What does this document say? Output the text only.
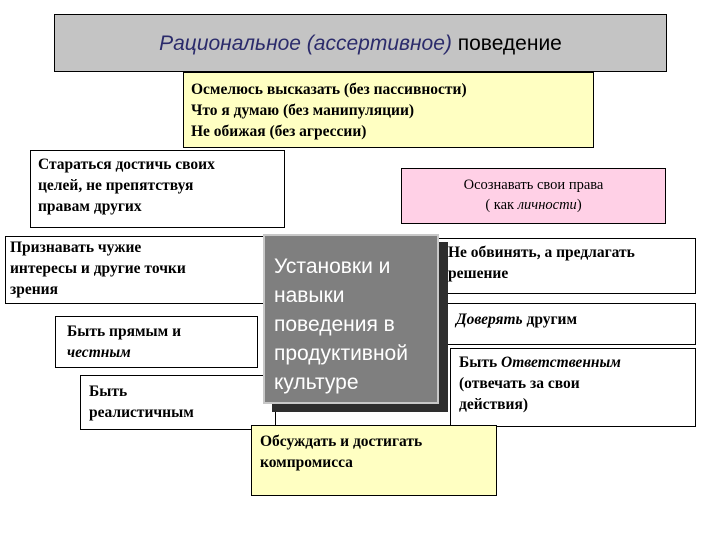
Рациональное (ассертивное)
поведение
Осмелюсь высказать (без пассивности)
Что я думаю (без манипуляции)
Не обижая (без агрессии)
Стараться достичь своих
целей, не препятствуя
правам других
Осознавать свои права
( как личности)
Признавать чужие
интересы и другие точки
зрения
Быть прямым и
честным
Быть
реалистичным
Не обвинять, а предлагать
решение
Доверять другим
Быть Ответственным
(отвечать за свои
действия)
Обсуждать и достигать
компромисса
Установки и
навыки
поведения в
продуктивной
культуре
